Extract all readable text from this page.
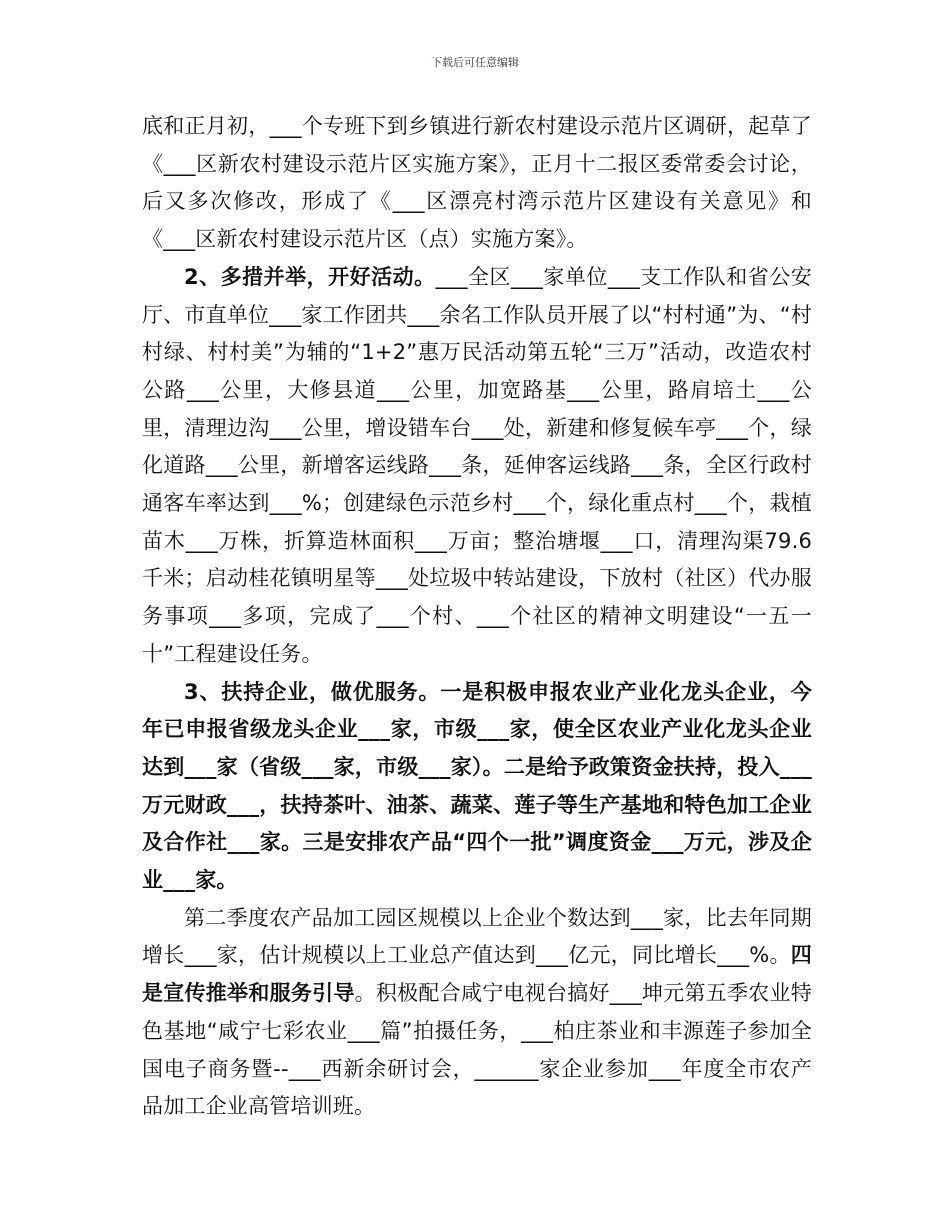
下载后可任意编辑

底和正月初，___个专班下到乡镇进行新农村建设示范片区调研，起草了《___区新农村建设示范片区实施方案》，正月十二报区委常委会讨论，后又多次修改，形成了《___区漂亮村湾示范片区建设有关意见》和《___区新农村建设示范片区（点）实施方案》。

2、多措并举，开好活动。___全区___家单位___支工作队和省公安厅、市直单位___家工作团共___余名工作队员开展了以“村村通”为、“村村绿、村村美”为辅的“1+2”惠万民活动第五轮“三万”活动，改造农村公路___公里，大修县道___公里，加宽路基___公里，路肩培土___公里，清理边沟___公里，增设错车台___处，新建和修复候车亭___个，绿化道路___公里，新增客运线路___条，延伸客运线路___条，全区行政村通客车率达到___%；创建绿色示范乡村___个，绿化重点村___个，栽植苗木___万株，折算造林面积___万亩；整治塘堰___口，清理沟渠79.6千米；启动桂花镇明星等___处垃圾中转站建设，下放村（社区）代办服务事项___多项，完成了___个村、___个社区的精神文明建设“一五一十”工程建设任务。

3、扶持企业，做优服务。一是积极申报农业产业化龙头企业，今年已申报省级龙头企业___家，市级___家，使全区农业产业化龙头企业达到___家（省级___家，市级___家）。二是给予政策资金扶持，投入___万元财政___，扶持茶叶、油茶、蔬菜、莲子等生产基地和特色加工企业及合作社___家。三是安排农产品“四个一批”调度资金___万元，涉及企业___家。

第二季度农产品加工园区规模以上企业个数达到___家，比去年同期增长___家，估计规模以上工业总产值达到___亿元，同比增长___%。四是宣传推举和服务引导。积极配合咸宁电视台搞好___坤元第五季农业特色基地“咸宁七彩农业___篇”拍摄任务，___柏庄茶业和丰源莲子参加全国电子商务暨--___西新余研讨会，______家企业参加___年度全市农产品加工企业高管培训班。
